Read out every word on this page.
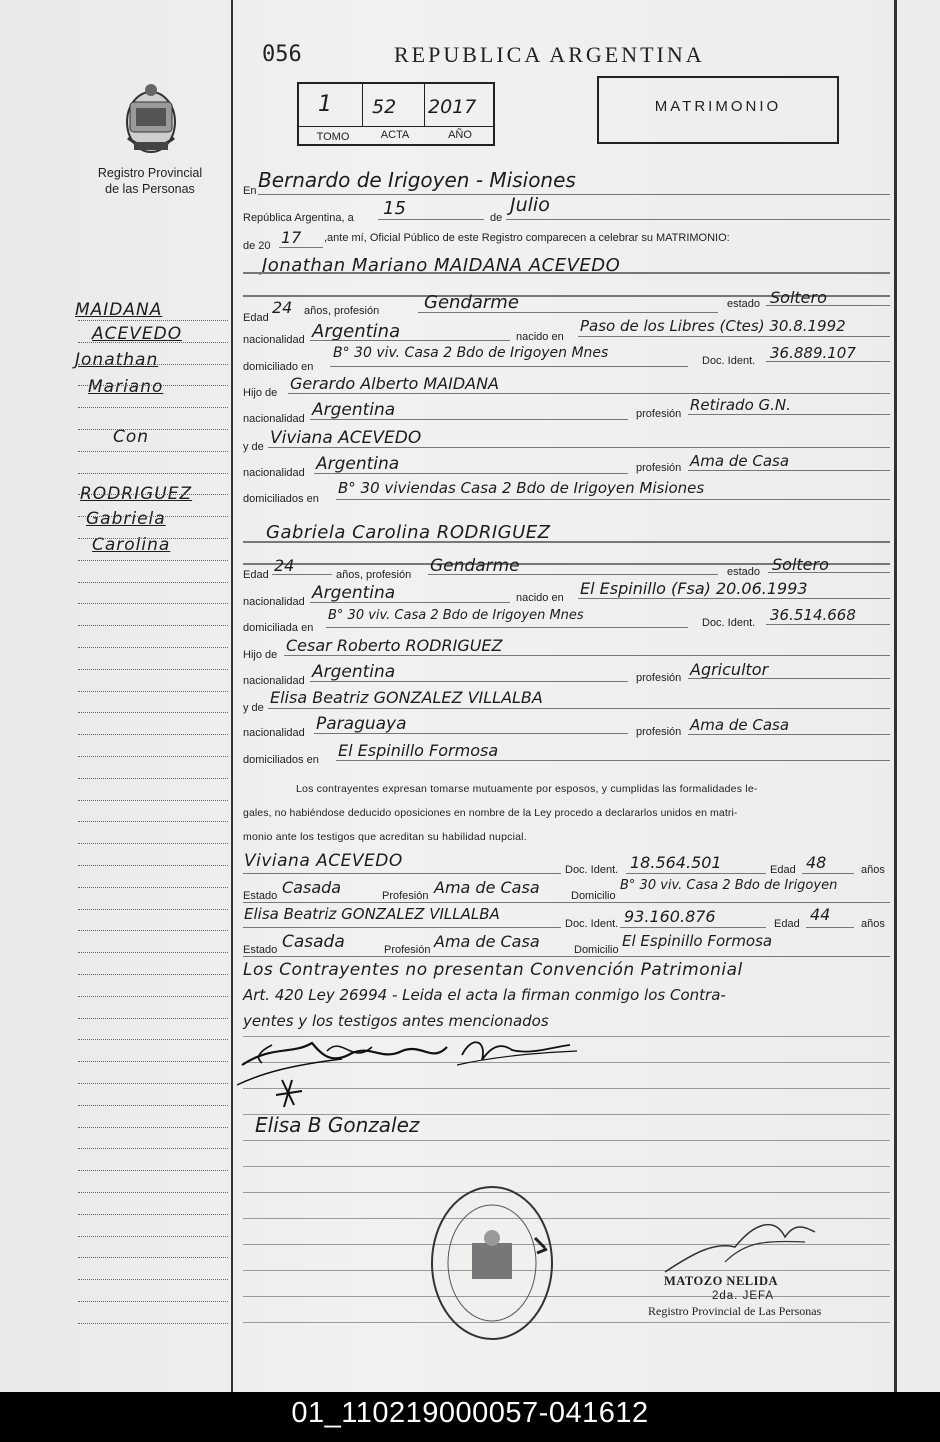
Registro Provincial
de las Personas
056	REPUBLICA ARGENTINA
1 52 2017
TOMO	ACTA	AÑO
MATRIMONIO
MAIDANA
ACEVEDO
Jonathan
Mariano
Con
RODRIGUEZ
Gabriela
Carolina
En Bernardo de Irigoyen - Misiones
República Argentina, a 15	de
Julio
de 20 17 ,ante mí, Oficial Público de este Registro comparecen a celebrar su MATRIMONIO:
Jonathan Mariano MAIDANA ACEVEDO
Edad
24 años, profesión Gendarme	estado Soltero
nacionalidad Argentina	nacido en
Paso de los Libres (Ctes) 30.8.1992
domiciliado en
B° 30 viv. Casa 2 Bdo de Irigoyen Mnes	Doc. Ident. 36.889.107
Hijo de Gerardo Alberto MAIDANA
nacionalidad Argentina	profesión Retirado G.N.
y de Viviana ACEVEDO
nacionalidad Argentina	profesión Ama de Casa
domiciliados en
B° 30 viviendas Casa 2 Bdo de Irigoyen Misiones
Gabriela Carolina RODRIGUEZ
Edad 24	años, profesión Gendarme	estado Soltero
nacionalidad Argentina	nacido en El Espinillo (Fsa) 20.06.1993
domiciliada en
B° 30 viv. Casa 2 Bdo de Irigoyen Mnes	Doc. Ident. 36.514.668
Hijo de Cesar Roberto RODRIGUEZ
nacionalidad Argentina	profesión Agricultor
y de
Elisa Beatriz GONZALEZ VILLALBA
nacionalidad Paraguaya	profesión Ama de Casa
domiciliados en El Espinillo Formosa
Los contrayentes expresan tomarse mutuamente por esposos, y cumplidas las formalidades le-
gales, no habiéndose deducido oposiciones en nombre de la Ley procedo a declararlos unidos en matri-
monio ante los testigos que acreditan su habilidad nupcial.
Viviana ACEVEDO	Doc. Ident. 18.564.501	Edad 48	años
Estado Casada	Profesión Ama de Casa	Domicilio
B° 30 viv. Casa 2 Bdo de Irigoyen
Elisa Beatriz GONZALEZ VILLALBA
Doc. Ident. 93.160.876	Edad 44	años
Estado Casada	Profesión Ama de Casa	Domicilio El Espinillo Formosa
Los Contrayentes no presentan Convención Patrimonial
Art. 420 Ley 26994 - Leida el acta la firman conmigo los Contra-
yentes y los testigos antes mencionados
Elisa B Gonzalez
MATOZO NELIDA
2da. JEFA
Registro Provincial de Las Personas
01_110219000057-041612
